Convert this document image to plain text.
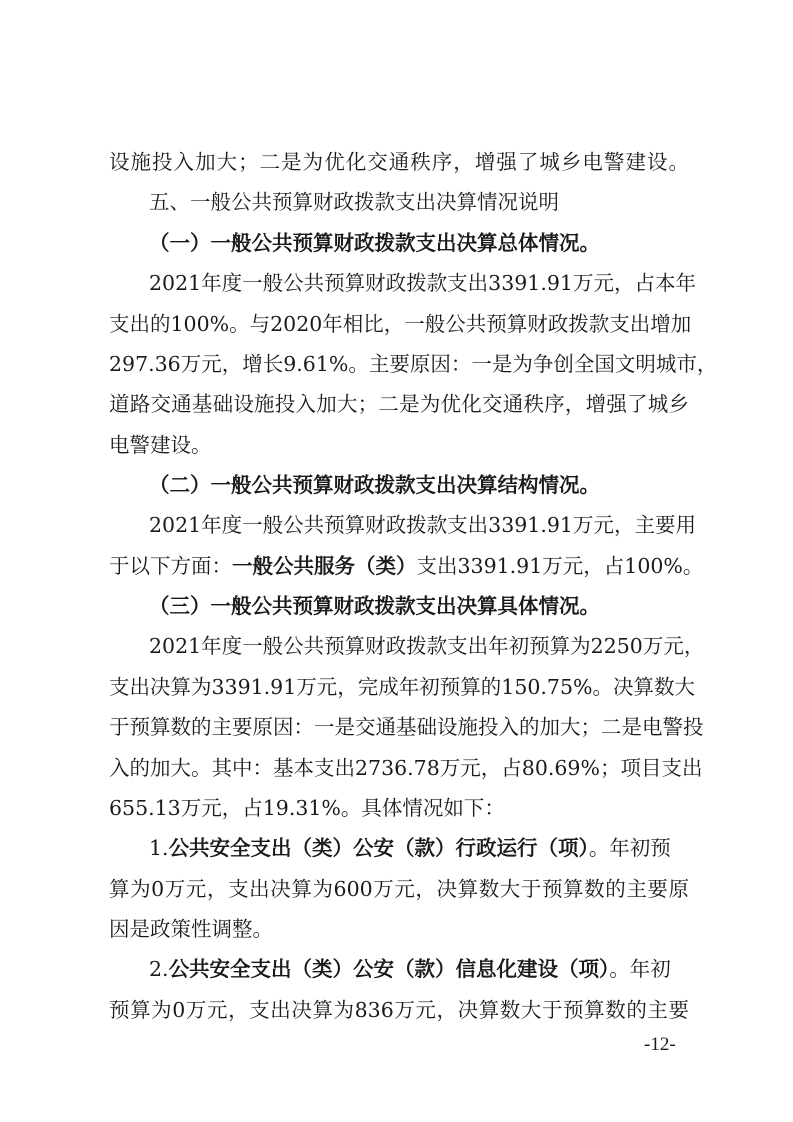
设施投入加大；二是为优化交通秩序，增强了城乡电警建设。
五、一般公共预算财政拨款支出决算情况说明
（一）一般公共预算财政拨款支出决算总体情况。
2021年度一般公共预算财政拨款支出3391.91万元，占本年
支出的100%。与2020年相比，一般公共预算财政拨款支出增加
297.36万元，增长9.61%。主要原因：一是为争创全国文明城市，
道路交通基础设施投入加大；二是为优化交通秩序，增强了城乡
电警建设。
（二）一般公共预算财政拨款支出决算结构情况。
2021年度一般公共预算财政拨款支出3391.91万元，主要用
于以下方面：一般公共服务（类）支出3391.91万元，占100%。
（三）一般公共预算财政拨款支出决算具体情况。
2021年度一般公共预算财政拨款支出年初预算为2250万元，
支出决算为3391.91万元，完成年初预算的150.75%。决算数大
于预算数的主要原因：一是交通基础设施投入的加大；二是电警投
入的加大。其中：基本支出2736.78万元，占80.69%；项目支出
655.13万元，占19.31%。具体情况如下：
1.公共安全支出（类）公安（款）行政运行（项）。年初预
算为0万元，支出决算为600万元，决算数大于预算数的主要原
因是政策性调整。
2.公共安全支出（类）公安（款）信息化建设（项）。年初
预算为0万元，支出决算为836万元，决算数大于预算数的主要
-12-
